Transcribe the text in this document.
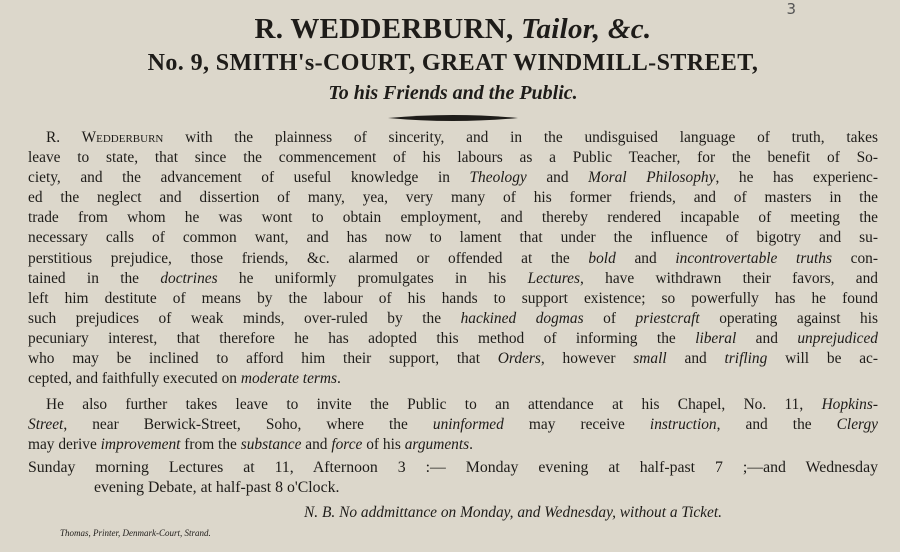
3
R. WEDDERBURN, Tailor, &c.
No. 9, SMITH's-COURT, GREAT WINDMILL-STREET,
To his Friends and the Public.
R. Wedderburn with the plainness of sincerity, and in the undisguised language of truth, takes
leave to state, that since the commencement of his labours as a Public Teacher, for the benefit of So-
ciety, and the advancement of useful knowledge in Theology and Moral Philosophy, he has experienc-
ed the neglect and dissertion of many, yea, very many of his former friends, and of masters in the
trade from whom he was wont to obtain employment, and thereby rendered incapable of meeting the
necessary calls of common want, and has now to lament that under the influence of bigotry and su-
perstitious prejudice, those friends, &c. alarmed or offended at the bold and incontrovertable truths con-
tained in the doctrines he uniformly promulgates in his Lectures, have withdrawn their favors, and
left him destitute of means by the labour of his hands to support existence; so powerfully has he found
such prejudices of weak minds, over-ruled by the hackined dogmas of priestcraft operating against his
pecuniary interest, that therefore he has adopted this method of informing the liberal and unprejudiced
who may be inclined to afford him their support, that Orders, however small and trifling will be ac-
cepted, and faithfully executed on moderate terms.
He also further takes leave to invite the Public to an attendance at his Chapel, No. 11, Hopkins-
Street, near Berwick-Street, Soho, where the uninformed may receive instruction, and the Clergy
may derive improvement from the substance and force of his arguments.
Sunday morning Lectures at 11, Afternoon 3 :— Monday evening at half-past 7 ;—and Wednesday
evening Debate, at half-past 8 o'Clock.
N. B. No addmittance on Monday, and Wednesday, without a Ticket.
Thomas, Printer, Denmark-Court, Strand.
